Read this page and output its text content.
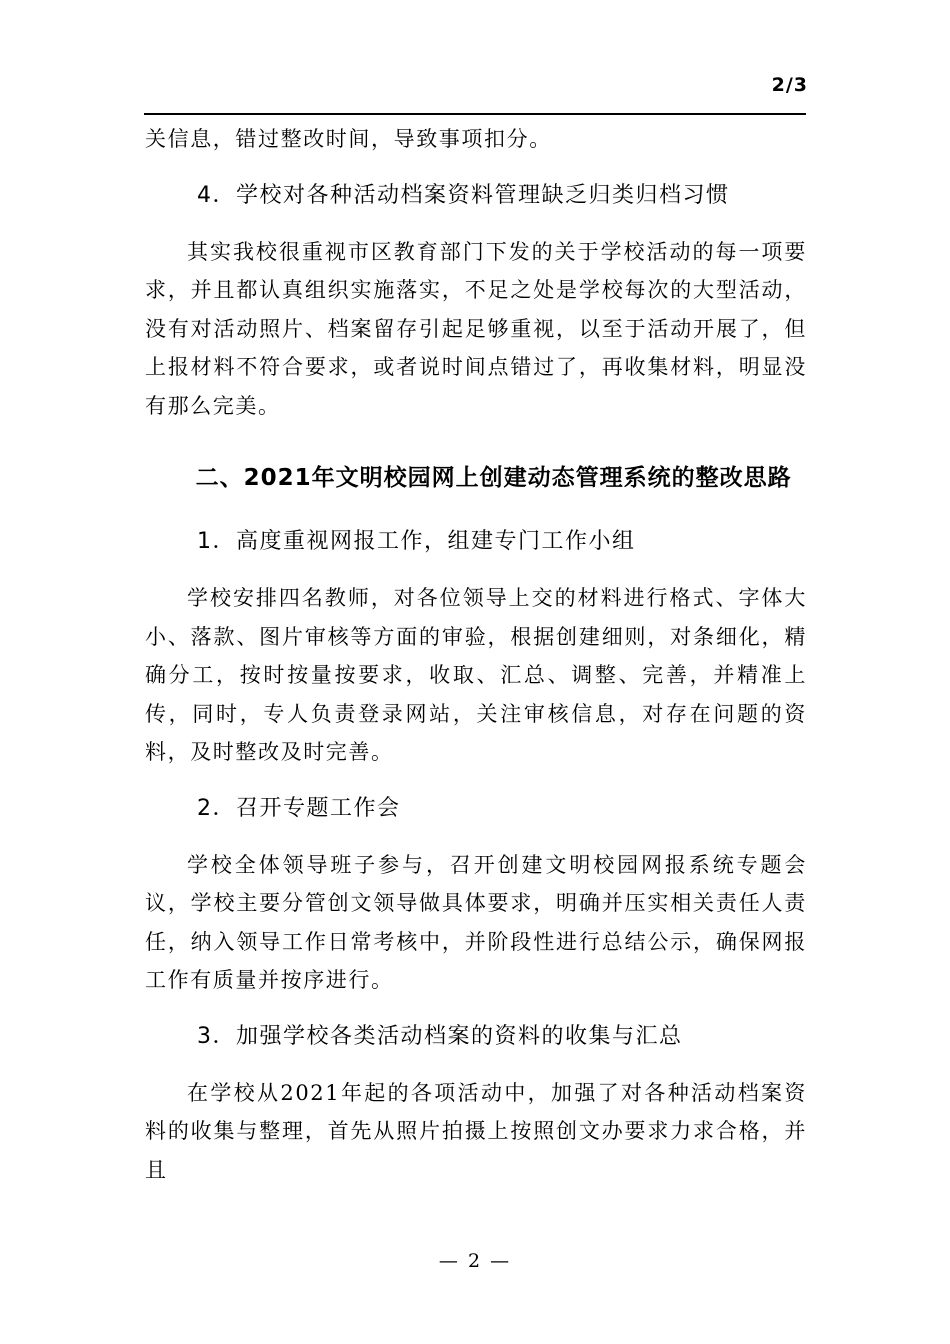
2/3

关信息，错过整改时间，导致事项扣分。

4．学校对各种活动档案资料管理缺乏归类归档习惯

其实我校很重视市区教育部门下发的关于学校活动的每一项要求，并且都认真组织实施落实，不足之处是学校每次的大型活动，没有对活动照片、档案留存引起足够重视，以至于活动开展了，但上报材料不符合要求，或者说时间点错过了，再收集材料，明显没有那么完美。

二、2021年文明校园网上创建动态管理系统的整改思路

1．高度重视网报工作，组建专门工作小组

学校安排四名教师，对各位领导上交的材料进行格式、字体大小、落款、图片审核等方面的审验，根据创建细则，对条细化，精确分工，按时按量按要求，收取、汇总、调整、完善，并精准上传，同时，专人负责登录网站，关注审核信息，对存在问题的资料，及时整改及时完善。

2．召开专题工作会

学校全体领导班子参与，召开创建文明校园网报系统专题会议，学校主要分管创文领导做具体要求，明确并压实相关责任人责任，纳入领导工作日常考核中，并阶段性进行总结公示，确保网报工作有质量并按序进行。

3．加强学校各类活动档案的资料的收集与汇总

在学校从2021年起的各项活动中，加强了对各种活动档案资料的收集与整理，首先从照片拍摄上按照创文办要求力求合格，并且

— 2 —
